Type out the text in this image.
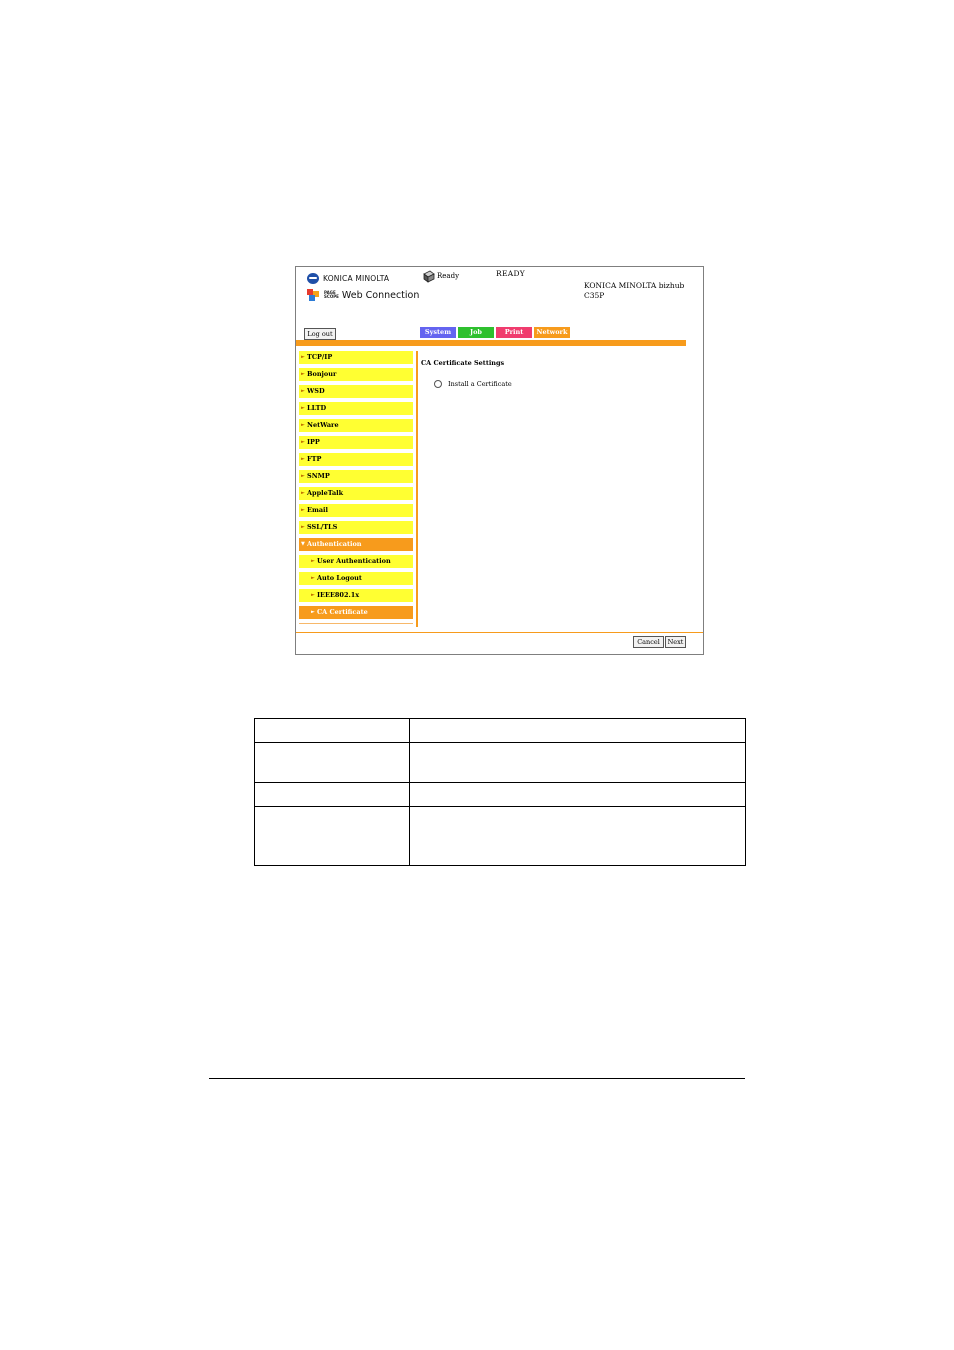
KONICA MINOLTA
PAGE
SCOPE Web Connection
Ready	READY
KONICA MINOLTA bizhub
C35P
Log out	System	Job	Print	Network
► TCP/IP
► Bonjour
► WSD
► LLTD
► NetWare
► IPP
► FTP
► SNMP
► AppleTalk
► Email
► SSL/TLS
▼ Authentication
► User Authentication
► Auto Logout
► IEEE802.1x
► CA Certificate
CA Certificate Settings
Install a Certificate
Cancel	Next
